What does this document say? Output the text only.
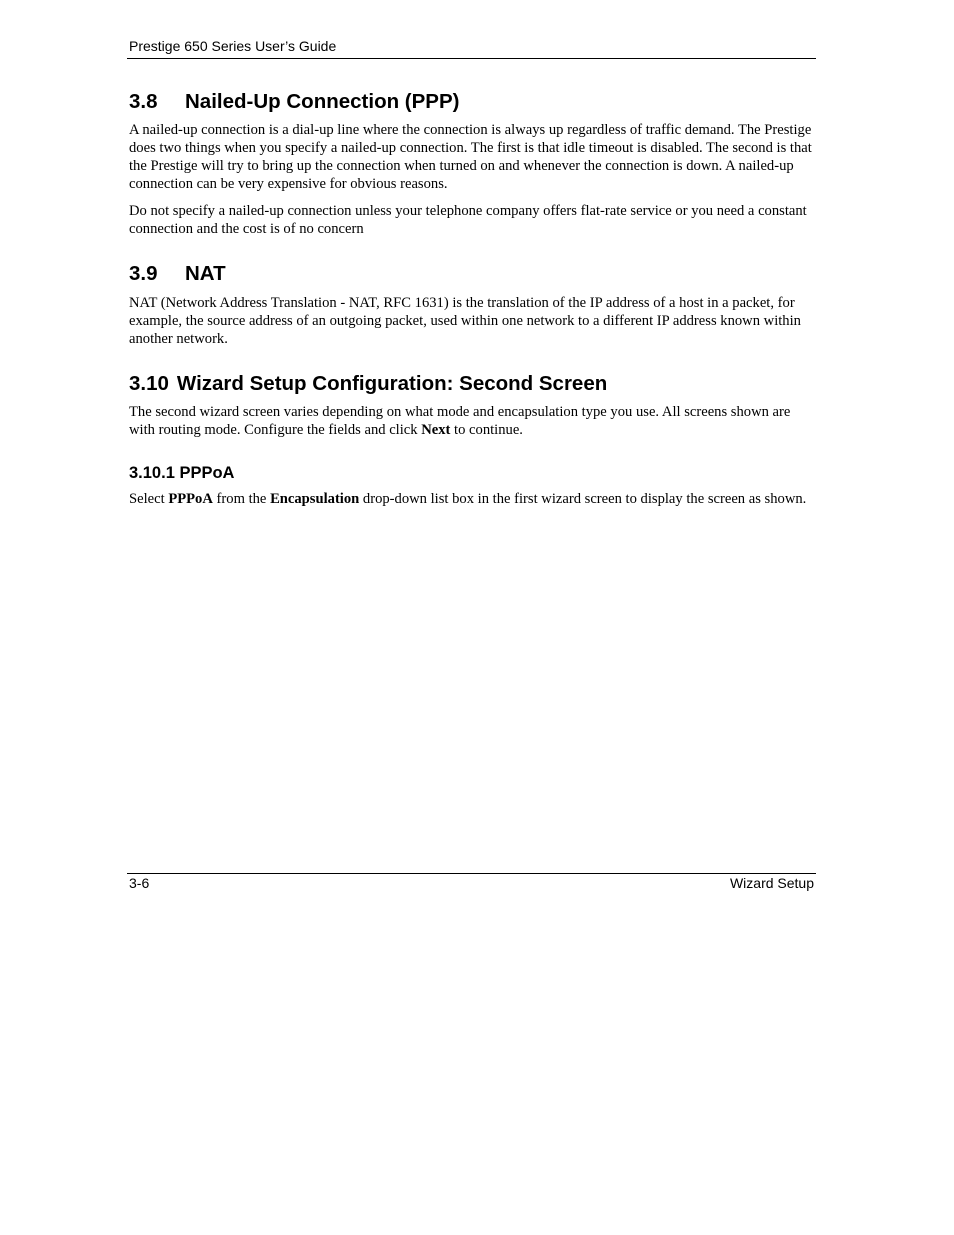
Prestige 650 Series User’s Guide
3.8 Nailed-Up Connection (PPP)

A nailed-up connection is a dial-up line where the connection is always up regardless of traffic demand. The Prestige does two things when you specify a nailed-up connection. The first is that idle timeout is disabled. The second is that the Prestige will try to bring up the connection when turned on and whenever the connection is down. A nailed-up connection can be very expensive for obvious reasons.

Do not specify a nailed-up connection unless your telephone company offers flat-rate service or you need a constant connection and the cost is of no concern

3.9 NAT

NAT (Network Address Translation - NAT, RFC 1631) is the translation of the IP address of a host in a packet, for example, the source address of an outgoing packet, used within one network to a different IP address known within another network.

3.10 Wizard Setup Configuration: Second Screen

The second wizard screen varies depending on what mode and encapsulation type you use. All screens shown are with routing mode. Configure the fields and click Next to continue.

3.10.1 PPPoA

Select PPPoA from the Encapsulation drop-down list box in the first wizard screen to display the screen as shown.

3-6	Wizard Setup
